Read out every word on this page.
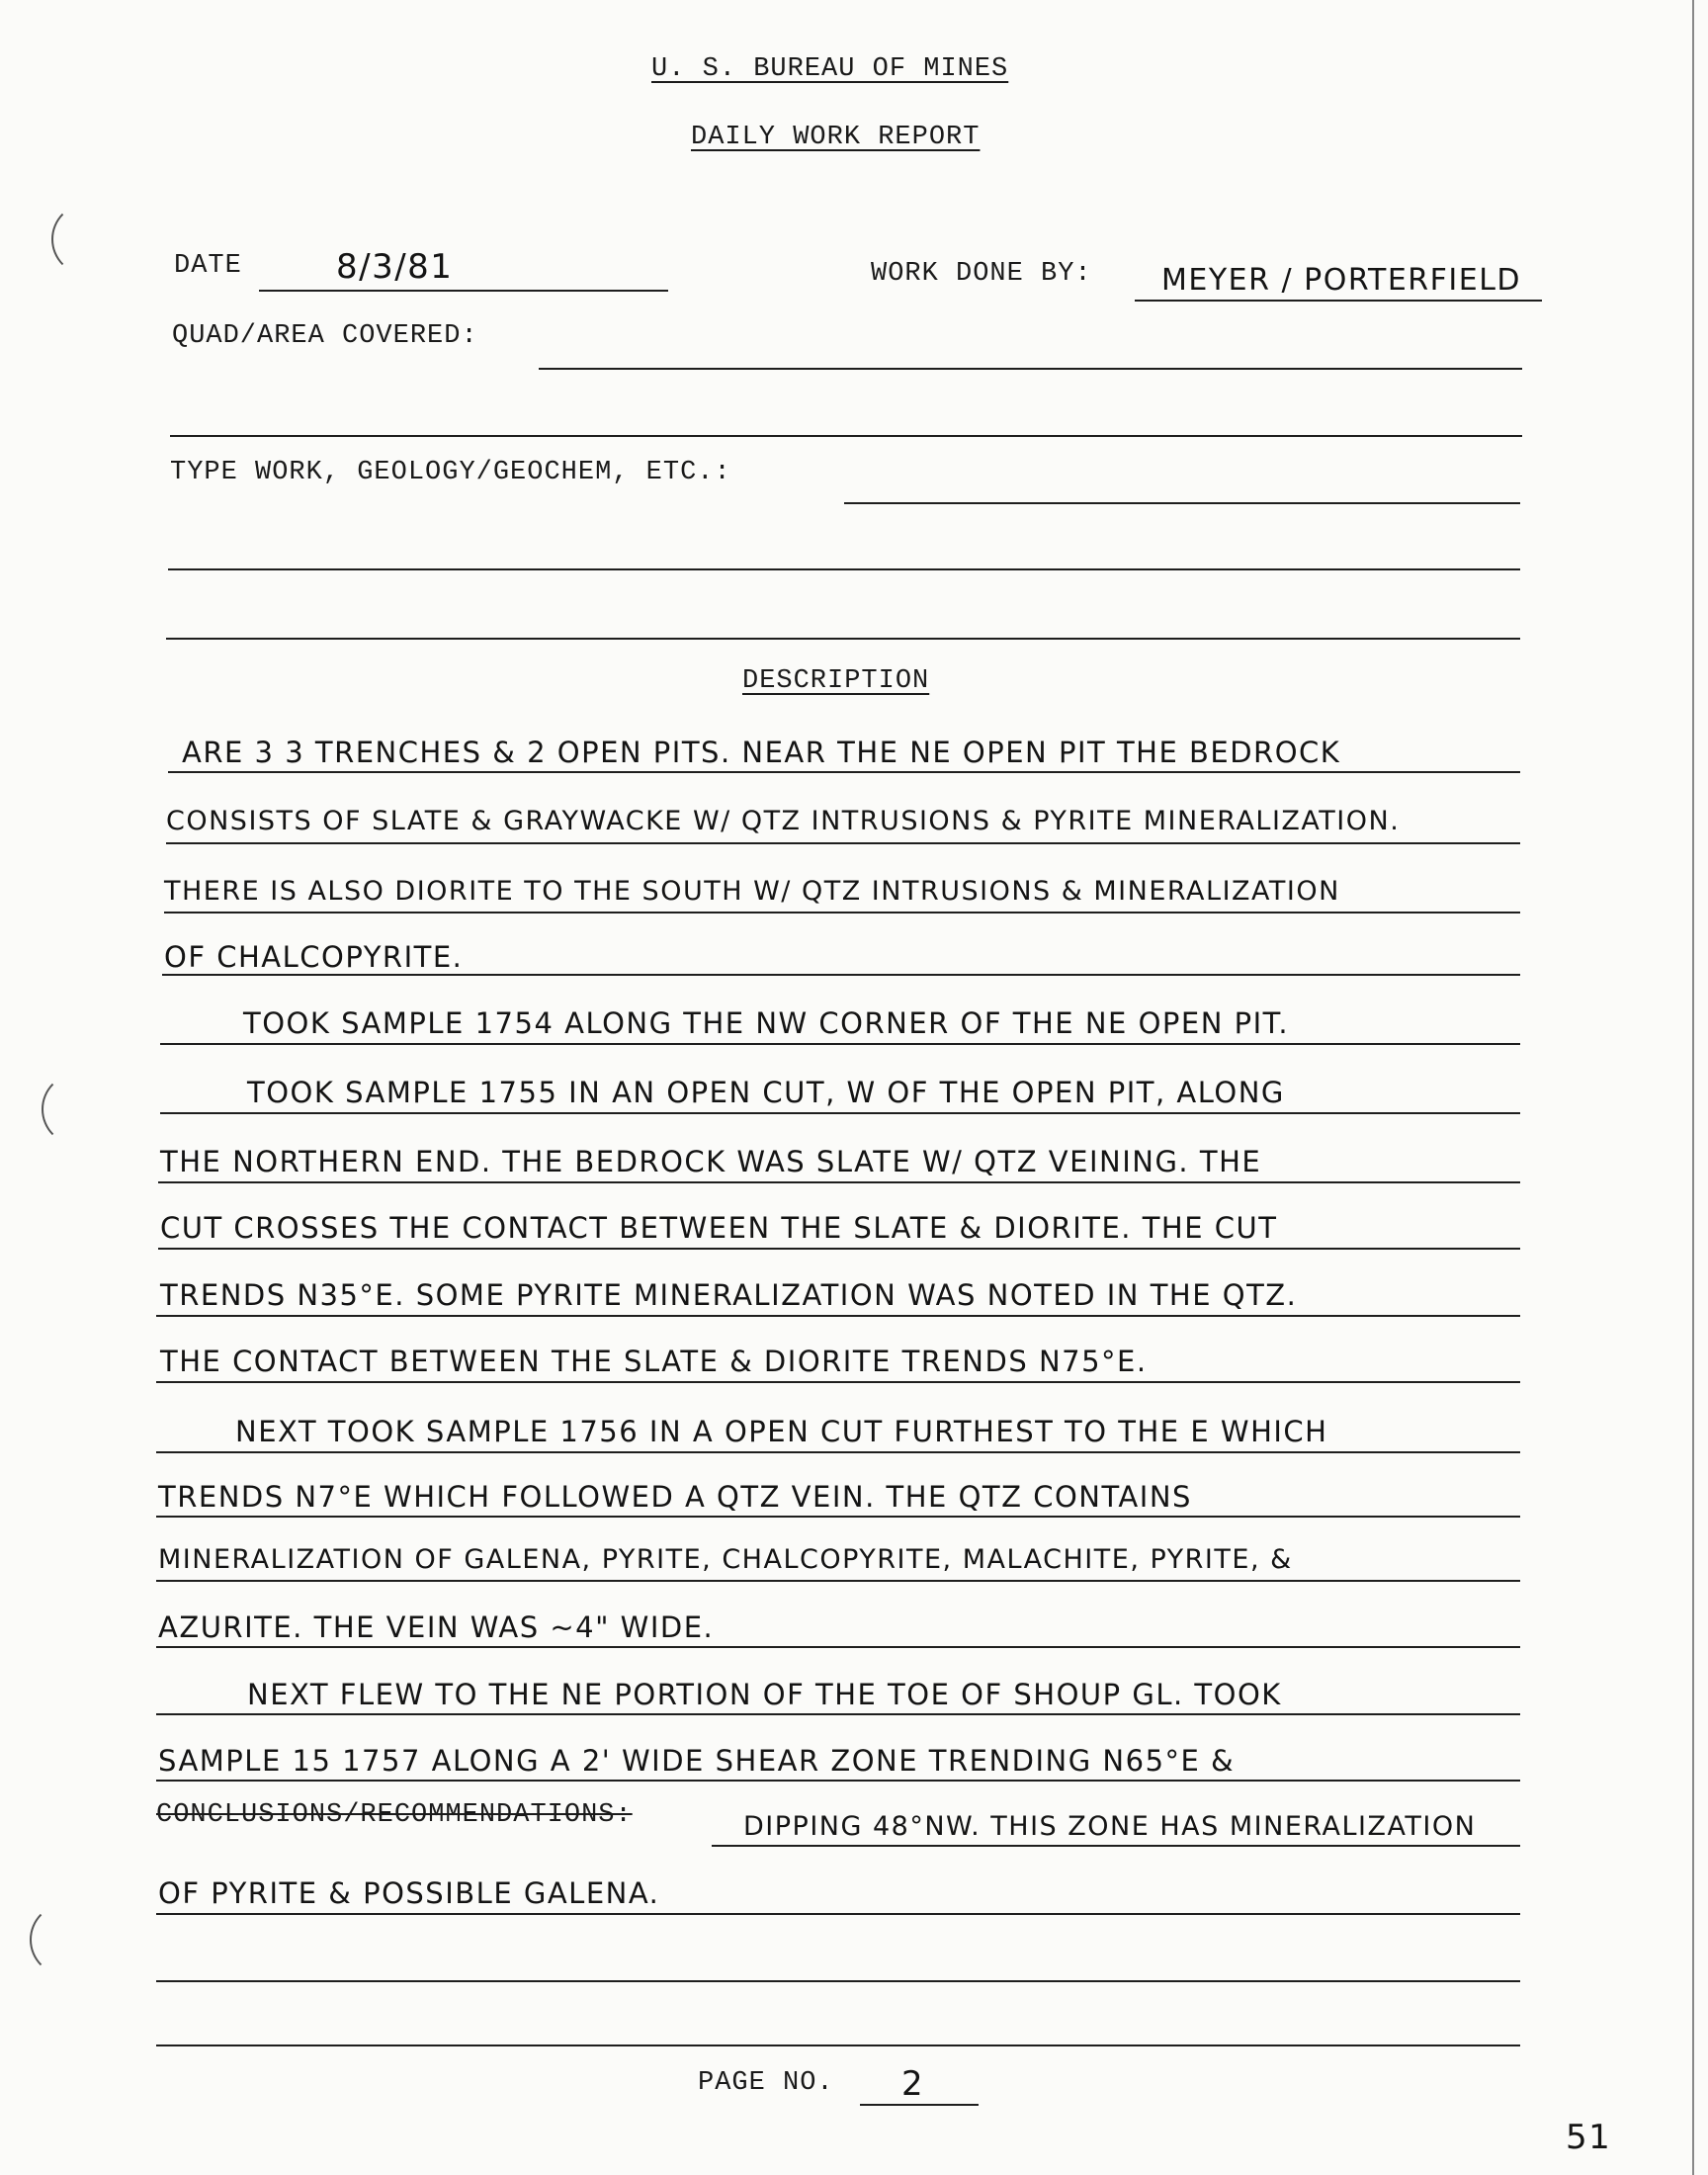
U. S. BUREAU OF MINES
DAILY WORK REPORT
DATE	8/3/81	WORK DONE BY: MEYER / PORTERFIELD
QUAD/AREA COVERED:
TYPE WORK, GEOLOGY/GEOCHEM, ETC.:
DESCRIPTION
ARE 3 3 TRENCHES & 2 OPEN PITS. NEAR THE NE OPEN PIT THE BEDROCK
CONSISTS OF SLATE & GRAYWACKE W/ QTZ INTRUSIONS & PYRITE MINERALIZATION.
THERE IS ALSO DIORITE TO THE SOUTH W/ QTZ INTRUSIONS & MINERALIZATION
OF CHALCOPYRITE.
TOOK SAMPLE 1754 ALONG THE NW CORNER OF THE NE OPEN PIT.
TOOK SAMPLE 1755 IN AN OPEN CUT, W OF THE OPEN PIT, ALONG
THE NORTHERN END. THE BEDROCK WAS SLATE W/ QTZ VEINING. THE
CUT CROSSES THE CONTACT BETWEEN THE SLATE & DIORITE. THE CUT
TRENDS N35°E. SOME PYRITE MINERALIZATION WAS NOTED IN THE QTZ.
THE CONTACT BETWEEN THE SLATE & DIORITE TRENDS N75°E.
NEXT TOOK SAMPLE 1756 IN A OPEN CUT FURTHEST TO THE E WHICH
TRENDS N7°E WHICH FOLLOWED A QTZ VEIN. THE QTZ CONTAINS
MINERALIZATION OF GALENA, PYRITE, CHALCOPYRITE, MALACHITE, PYRITE, &
AZURITE. THE VEIN WAS ~4" WIDE.
NEXT FLEW TO THE NE PORTION OF THE TOE OF SHOUP GL. TOOK
SAMPLE 15 1757 ALONG A 2' WIDE SHEAR ZONE TRENDING N65°E &
CONCLUSIONS/RECOMMENDATIONS:	DIPPING 48°NW. THIS ZONE HAS MINERALIZATION
OF PYRITE & POSSIBLE GALENA.
PAGE NO. 2
51
